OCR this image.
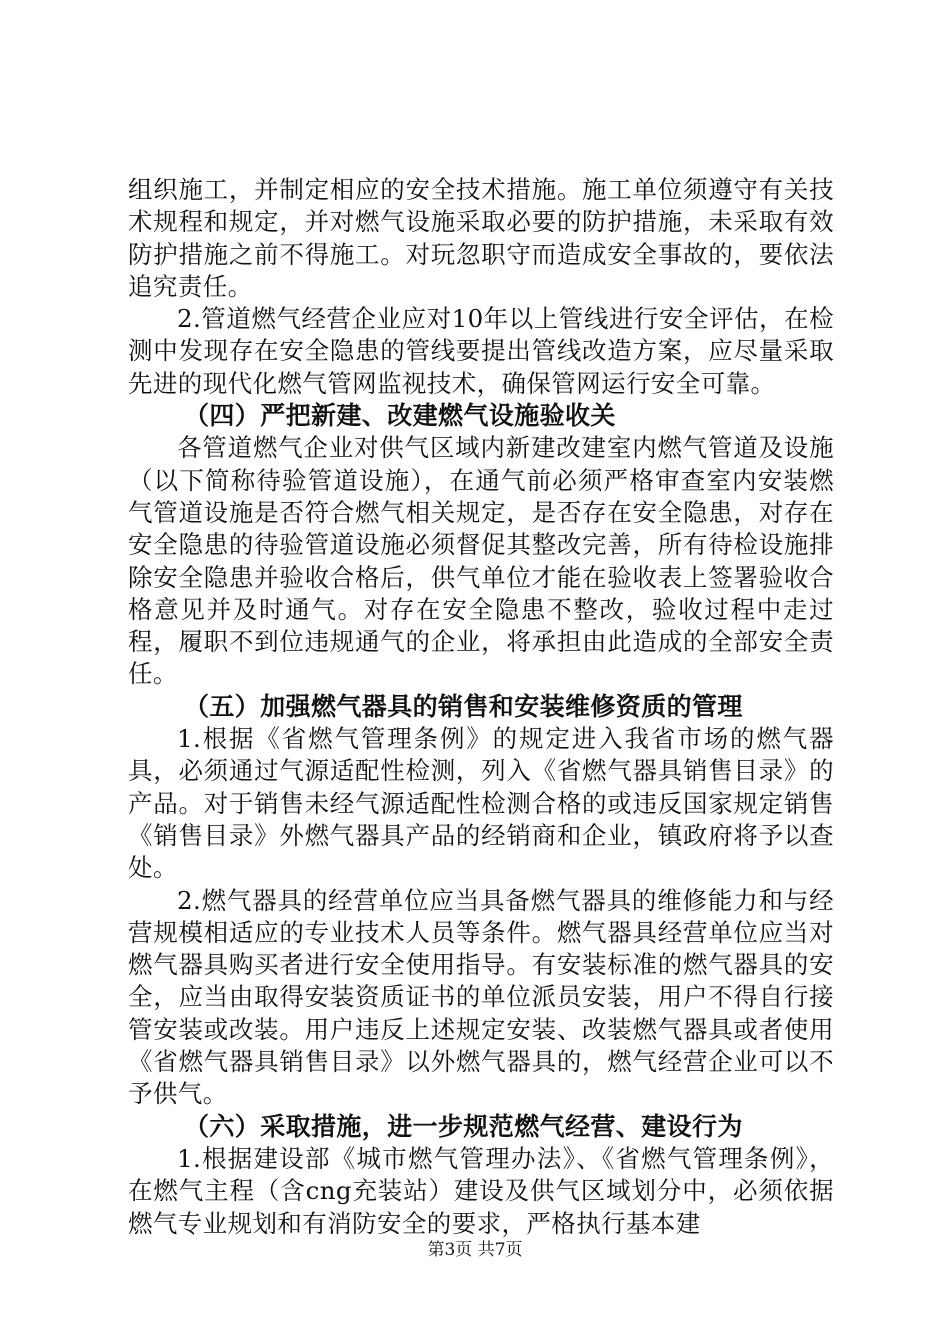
组织施工，并制定相应的安全技术措施。施工单位须遵守有关技术规程和规定，并对燃气设施采取必要的防护措施，未采取有效防护措施之前不得施工。对玩忽职守而造成安全事故的，要依法追究责任。

2.管道燃气经营企业应对10年以上管线进行安全评估，在检测中发现存在安全隐患的管线要提出管线改造方案，应尽量采取先进的现代化燃气管网监视技术，确保管网运行安全可靠。

（四）严把新建、改建燃气设施验收关

各管道燃气企业对供气区域内新建改建室内燃气管道及设施（以下简称待验管道设施），在通气前必须严格审查室内安装燃气管道设施是否符合燃气相关规定，是否存在安全隐患，对存在安全隐患的待验管道设施必须督促其整改完善，所有待检设施排除安全隐患并验收合格后，供气单位才能在验收表上签署验收合格意见并及时通气。对存在安全隐患不整改，验收过程中走过程，履职不到位违规通气的企业，将承担由此造成的全部安全责任。

（五）加强燃气器具的销售和安装维修资质的管理

1.根据《省燃气管理条例》的规定进入我省市场的燃气器具，必须通过气源适配性检测，列入《省燃气器具销售目录》的产品。对于销售未经气源适配性检测合格的或违反国家规定销售《销售目录》外燃气器具产品的经销商和企业，镇政府将予以查处。

2.燃气器具的经营单位应当具备燃气器具的维修能力和与经营规模相适应的专业技术人员等条件。燃气器具经营单位应当对燃气器具购买者进行安全使用指导。有安装标准的燃气器具的安全，应当由取得安装资质证书的单位派员安装，用户不得自行接管安装或改装。用户违反上述规定安装、改装燃气器具或者使用《省燃气器具销售目录》以外燃气器具的，燃气经营企业可以不予供气。

（六）采取措施，进一步规范燃气经营、建设行为

1.根据建设部《城市燃气管理办法》、《省燃气管理条例》，在燃气主程（含cng充装站）建设及供气区域划分中，必须依据燃气专业规划和有消防安全的要求，严格执行基本建

第3页 共7页
